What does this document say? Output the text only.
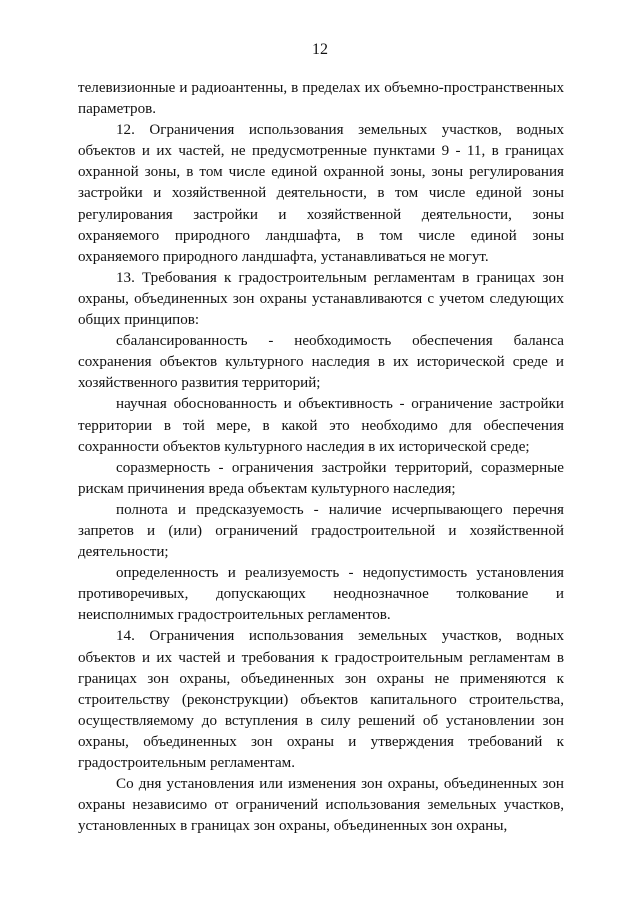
12

телевизионные и радиоантенны, в пределах их объемно-пространственных параметров.

12. Ограничения использования земельных участков, водных объектов и их частей, не предусмотренные пунктами 9 - 11, в границах охранной зоны, в том числе единой охранной зоны, зоны регулирования застройки и хозяйственной деятельности, в том числе единой зоны регулирования застройки и хозяйственной деятельности, зоны охраняемого природного ландшафта, в том числе единой зоны охраняемого природного ландшафта, устанавливаться не могут.

13. Требования к градостроительным регламентам в границах зон охраны, объединенных зон охраны устанавливаются с учетом следующих общих принципов:

сбалансированность - необходимость обеспечения баланса сохранения объектов культурного наследия в их исторической среде и хозяйственного развития территорий;

научная обоснованность и объективность - ограничение застройки территории в той мере, в какой это необходимо для обеспечения сохранности объектов культурного наследия в их исторической среде;

соразмерность - ограничения застройки территорий, соразмерные рискам причинения вреда объектам культурного наследия;

полнота и предсказуемость - наличие исчерпывающего перечня запретов и (или) ограничений градостроительной и хозяйственной деятельности;

определенность и реализуемость - недопустимость установления противоречивых, допускающих неоднозначное толкование и неисполнимых градостроительных регламентов.

14. Ограничения использования земельных участков, водных объектов и их частей и требования к градостроительным регламентам в границах зон охраны, объединенных зон охраны не применяются к строительству (реконструкции) объектов капитального строительства, осуществляемому до вступления в силу решений об установлении зон охраны, объединенных зон охраны и утверждения требований к градостроительным регламентам.

Со дня установления или изменения зон охраны, объединенных зон охраны независимо от ограничений использования земельных участков, установленных в границах зон охраны, объединенных зон охраны,
